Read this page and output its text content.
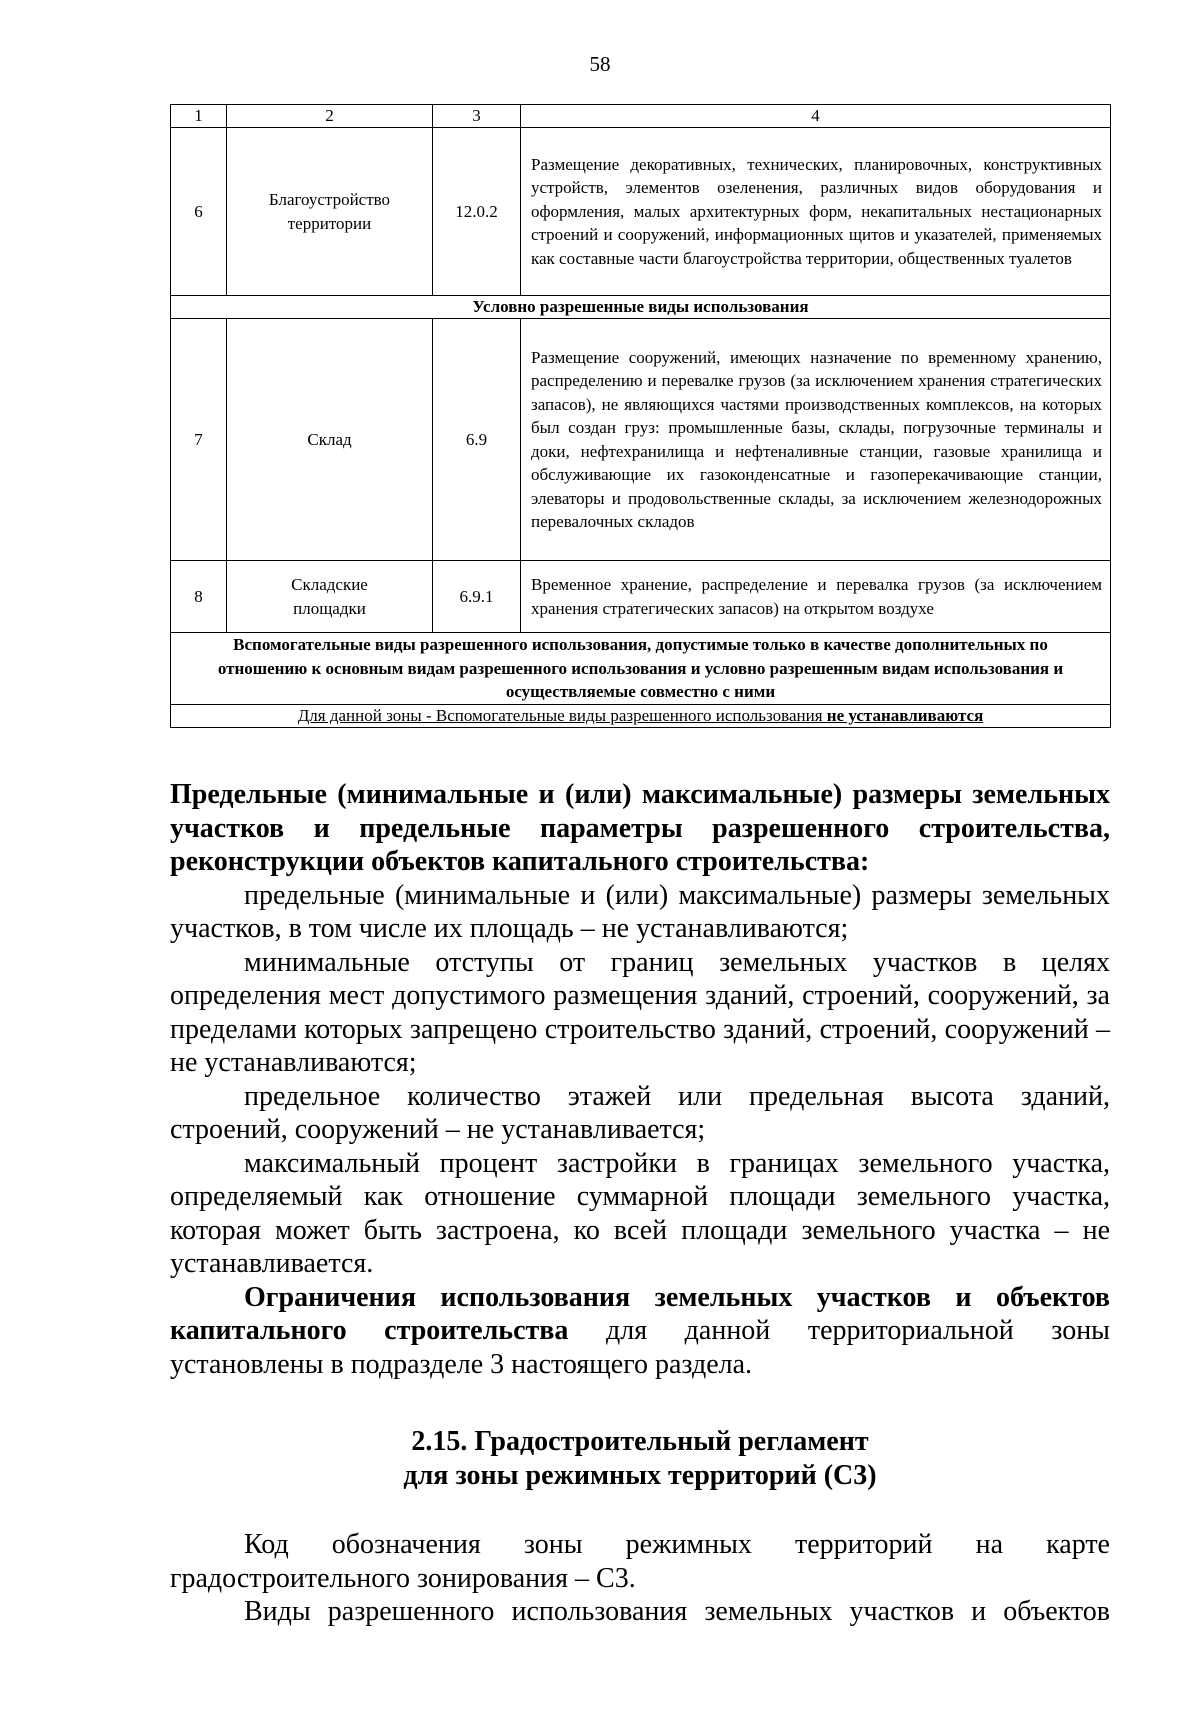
58
1	2	3	4
6	Благоустройство территории	12.0.2	Размещение декоративных, технических, планировочных, конструктивных устройств, элементов озеленения, различных видов оборудования и оформления, малых архитектурных форм, некапитальных нестационарных строений и сооружений, информационных щитов и указателей, применяемых как составные части благоустройства территории, общественных туалетов
Условно разрешенные виды использования			
7	Склад	6.9	Размещение сооружений, имеющих назначение по временному хранению, распределению и перевалке грузов (за исключением хранения стратегических запасов), не являющихся частями производственных комплексов, на которых был создан груз: промышленные базы, склады, погрузочные терминалы и доки, нефтехранилища и нефтеналивные станции, газовые хранилища и обслуживающие их газоконденсатные и газоперекачивающие станции, элеваторы и продовольственные склады, за исключением железнодорожных перевалочных складов
8	Складские площадки	6.9.1	Временное хранение, распределение и перевалка грузов (за исключением хранения стратегических запасов) на открытом воздухе
Вспомогательные виды разрешенного использования, допустимые только в качестве дополнительных по отношению к основным видам разрешенного использования и условно разрешенным видам использования и осуществляемые совместно с ними			
Для данной зоны - Вспомогательные виды разрешенного использования не устанавливаются			

Предельные (минимальные и (или) максимальные) размеры земельных участков и предельные параметры разрешенного строительства, реконструкции объектов капитального строительства:

предельные (минимальные и (или) максимальные) размеры земельных участков, в том числе их площадь – не устанавливаются;

минимальные отступы от границ земельных участков в целях определения мест допустимого размещения зданий, строений, сооружений, за пределами которых запрещено строительство зданий, строений, сооружений – не устанавливаются;

предельное количество этажей или предельная высота зданий, строений, сооружений – не устанавливается;

максимальный процент застройки в границах земельного участка, определяемый как отношение суммарной площади земельного участка, которая может быть застроена, ко всей площади земельного участка – не устанавливается.

Ограничения использования земельных участков и объектов капитального строительства для данной территориальной зоны установлены в подразделе 3 настоящего раздела.

2.15. Градостроительный регламент
для зоны режимных территорий (С3)

Код обозначения зоны режимных территорий на карте градостроительного зонирования – С3.

Виды разрешенного использования земельных участков и объектов
